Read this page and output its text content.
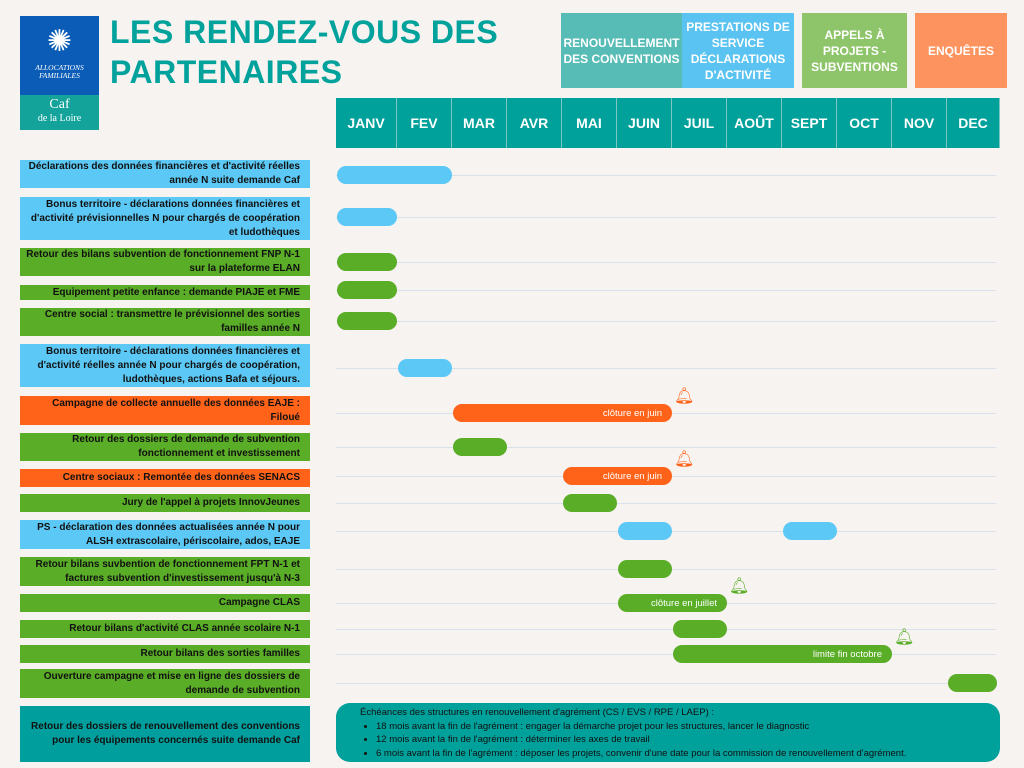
✺
ALLOCATIONS FAMILIALES
Caf
de la Loire
LES RENDEZ-VOUS DES
PARTENAIRES
RENOUVELLEMENT DES CONVENTIONS
PRESTATIONS DE SERVICE DÉCLARATIONS D'ACTIVITÉ
APPELS À PROJETS - SUBVENTIONS
ENQUÊTES
JANV	FEV	MAR	AVR	MAI	JUIN	JUIL	AOÛT	SEPT	OCT	NOV	DEC
Déclarations des données financières et d'activité réelles année N suite demande Caf
Bonus territoire - déclarations données financières et d'activité prévisionnelles N pour chargés de coopération et ludothèques
Retour des bilans subvention de fonctionnement FNP N-1 sur la plateforme ELAN
Equipement petite enfance : demande PIAJE et FME
Centre social : transmettre le prévisionnel des sorties familles année N
Bonus territoire - déclarations données financières et d'activité réelles année N pour chargés de coopération, ludothèques, actions Bafa et séjours.
Campagne de collecte annuelle des données EAJE : Filoué	clôture en juin
🔔︎
Retour des dossiers de demande de subvention fonctionnement et investissement
Centre sociaux : Remontée des données SENACS	clôture en juin
🔔︎
Jury de l'appel à projets InnovJeunes
PS - déclaration des données actualisées année N pour ALSH extrascolaire, périscolaire, ados, EAJE
Retour bilans suvbention de fonctionnement FPT N-1 et factures subvention d'investissement jusqu'à N-3
Campagne CLAS	clôture en juillet
🔔︎
Retour bilans d'activité CLAS année scolaire N-1
Retour bilans des sorties familles	limite fin octobre
🔔︎
Ouverture campagne et mise en ligne des dossiers de demande de subvention
Retour des dossiers de renouvellement des conventions pour les équipements concernés suite demande Caf
Échéances des structures en renouvellement d'agrément (CS / EVS / RPE / LAEP) :
• 18 mois avant la fin de l'agrément : engager la démarche projet pour les structures, lancer le diagnostic
• 12 mois avant la fin de l'agrément : déterminer les axes de travail
• 6 mois avant la fin de l'agrément : déposer les projets, convenir d'une date pour la commission de renouvellement d'agrément.
